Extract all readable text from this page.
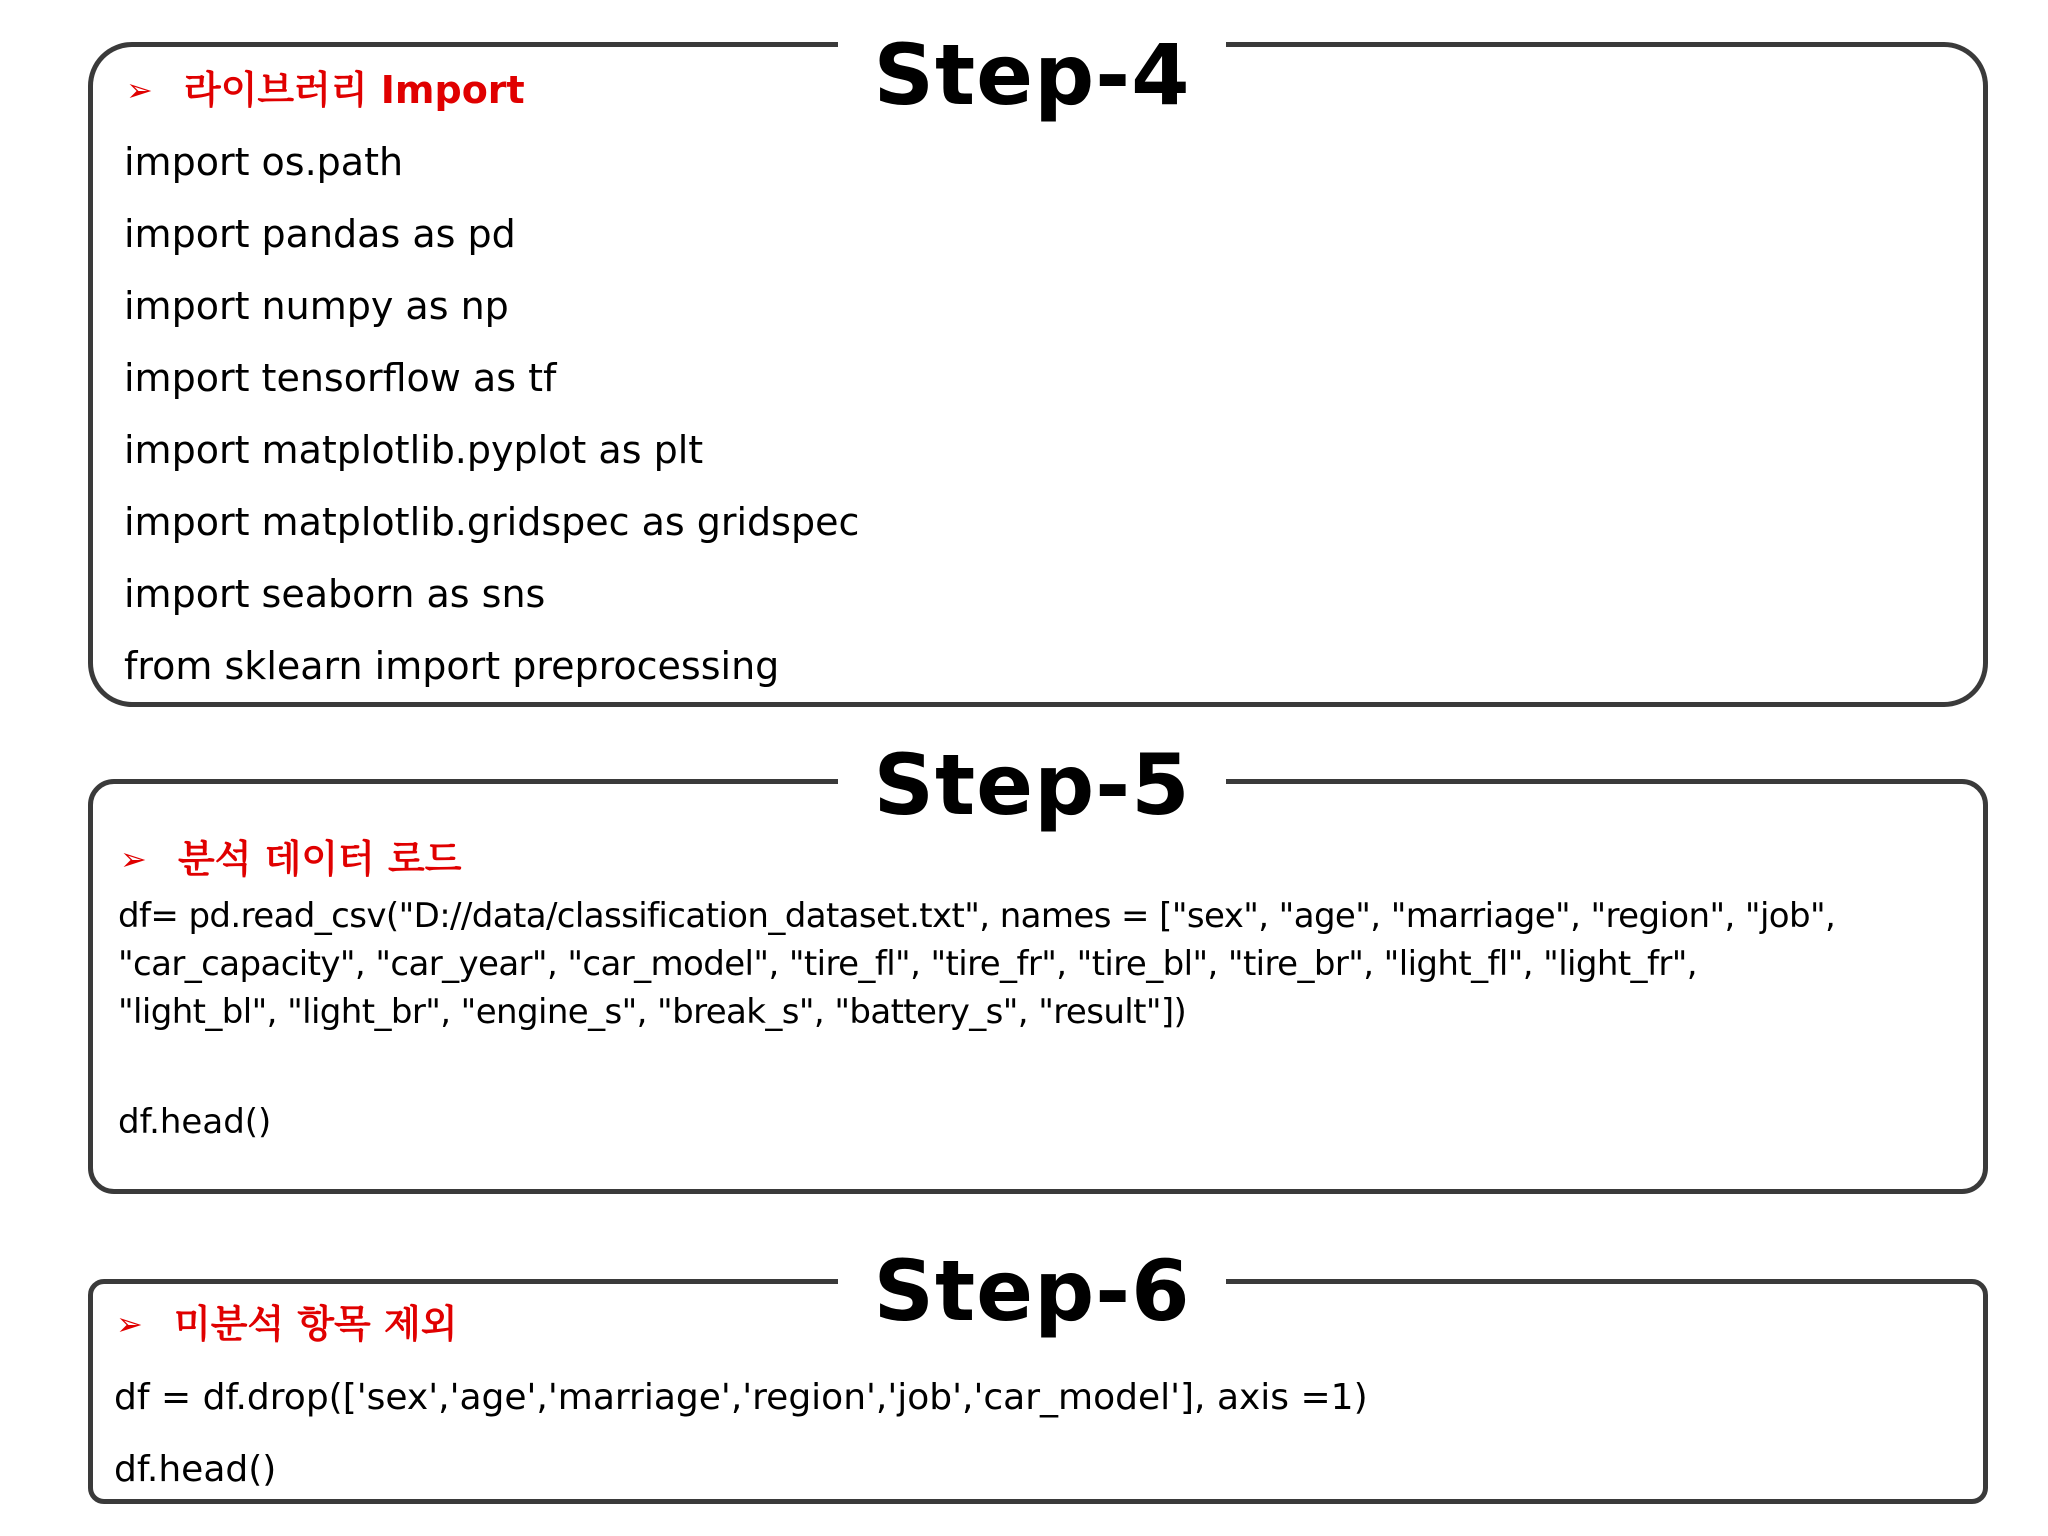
Step-4
➢ 라이브러리 Import
import os.path
import pandas as pd
import numpy as np
import tensorflow as tf
import matplotlib.pyplot as plt
import matplotlib.gridspec as gridspec
import seaborn as sns
from sklearn import preprocessing
Step-5
➢ 분석 데이터 로드
df= pd.read_csv("D://data/classification_dataset.txt", names = ["sex", "age", "marriage", "region", "job",
"car_capacity", "car_year", "car_model", "tire_fl", "tire_fr", "tire_bl", "tire_br", "light_fl", "light_fr",
"light_bl", "light_br", "engine_s", "break_s", "battery_s", "result"])
df.head()
Step-6
➢ 미분석 항목 제외
df = df.drop(['sex','age','marriage','region','job','car_model'], axis =1)
df.head()
